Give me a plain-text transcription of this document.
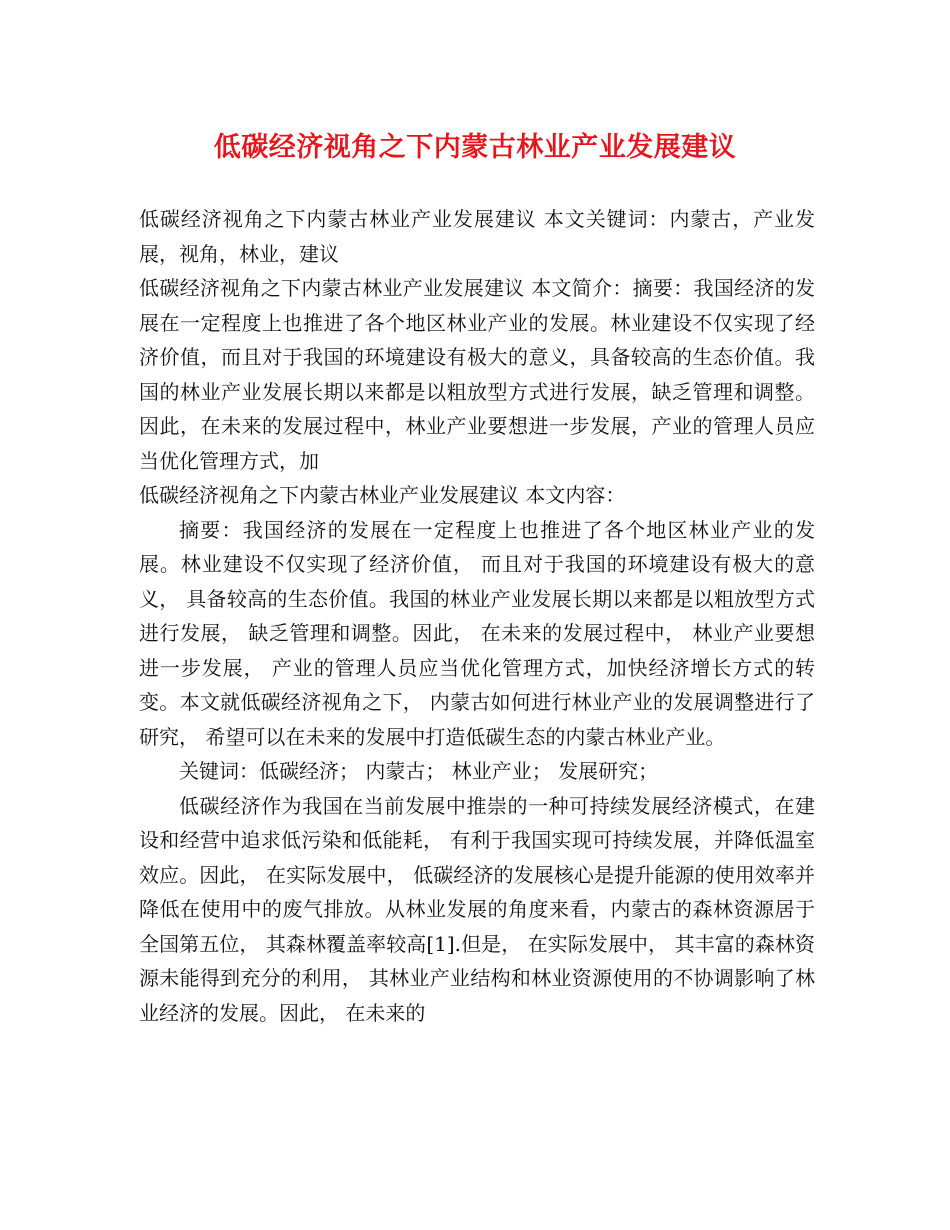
低碳经济视角之下内蒙古林业产业发展建议

低碳经济视角之下内蒙古林业产业发展建议 本文关键词：内蒙古，产业发展，视角，林业，建议

低碳经济视角之下内蒙古林业产业发展建议 本文简介：摘要：我国经济的发展在一定程度上也推进了各个地区林业产业的发展。林业建设不仅实现了经济价值，而且对于我国的环境建设有极大的意义，具备较高的生态价值。我国的林业产业发展长期以来都是以粗放型方式进行发展，缺乏管理和调整。因此，在未来的发展过程中，林业产业要想进一步发展，产业的管理人员应当优化管理方式，加

低碳经济视角之下内蒙古林业产业发展建议 本文内容：

摘要：我国经济的发展在一定程度上也推进了各个地区林业产业的发展。林业建设不仅实现了经济价值， 而且对于我国的环境建设有极大的意义， 具备较高的生态价值。我国的林业产业发展长期以来都是以粗放型方式进行发展， 缺乏管理和调整。因此， 在未来的发展过程中， 林业产业要想进一步发展， 产业的管理人员应当优化管理方式，加快经济增长方式的转变。本文就低碳经济视角之下， 内蒙古如何进行林业产业的发展调整进行了研究， 希望可以在未来的发展中打造低碳生态的内蒙古林业产业。

关键词：低碳经济； 内蒙古； 林业产业； 发展研究；

低碳经济作为我国在当前发展中推崇的一种可持续发展经济模式，在建设和经营中追求低污染和低能耗， 有利于我国实现可持续发展，并降低温室效应。因此， 在实际发展中， 低碳经济的发展核心是提升能源的使用效率并降低在使用中的废气排放。从林业发展的角度来看，内蒙古的森林资源居于全国第五位， 其森林覆盖率较高[1].但是， 在实际发展中， 其丰富的森林资源未能得到充分的利用， 其林业产业结构和林业资源使用的不协调影响了林业经济的发展。因此， 在未来的
